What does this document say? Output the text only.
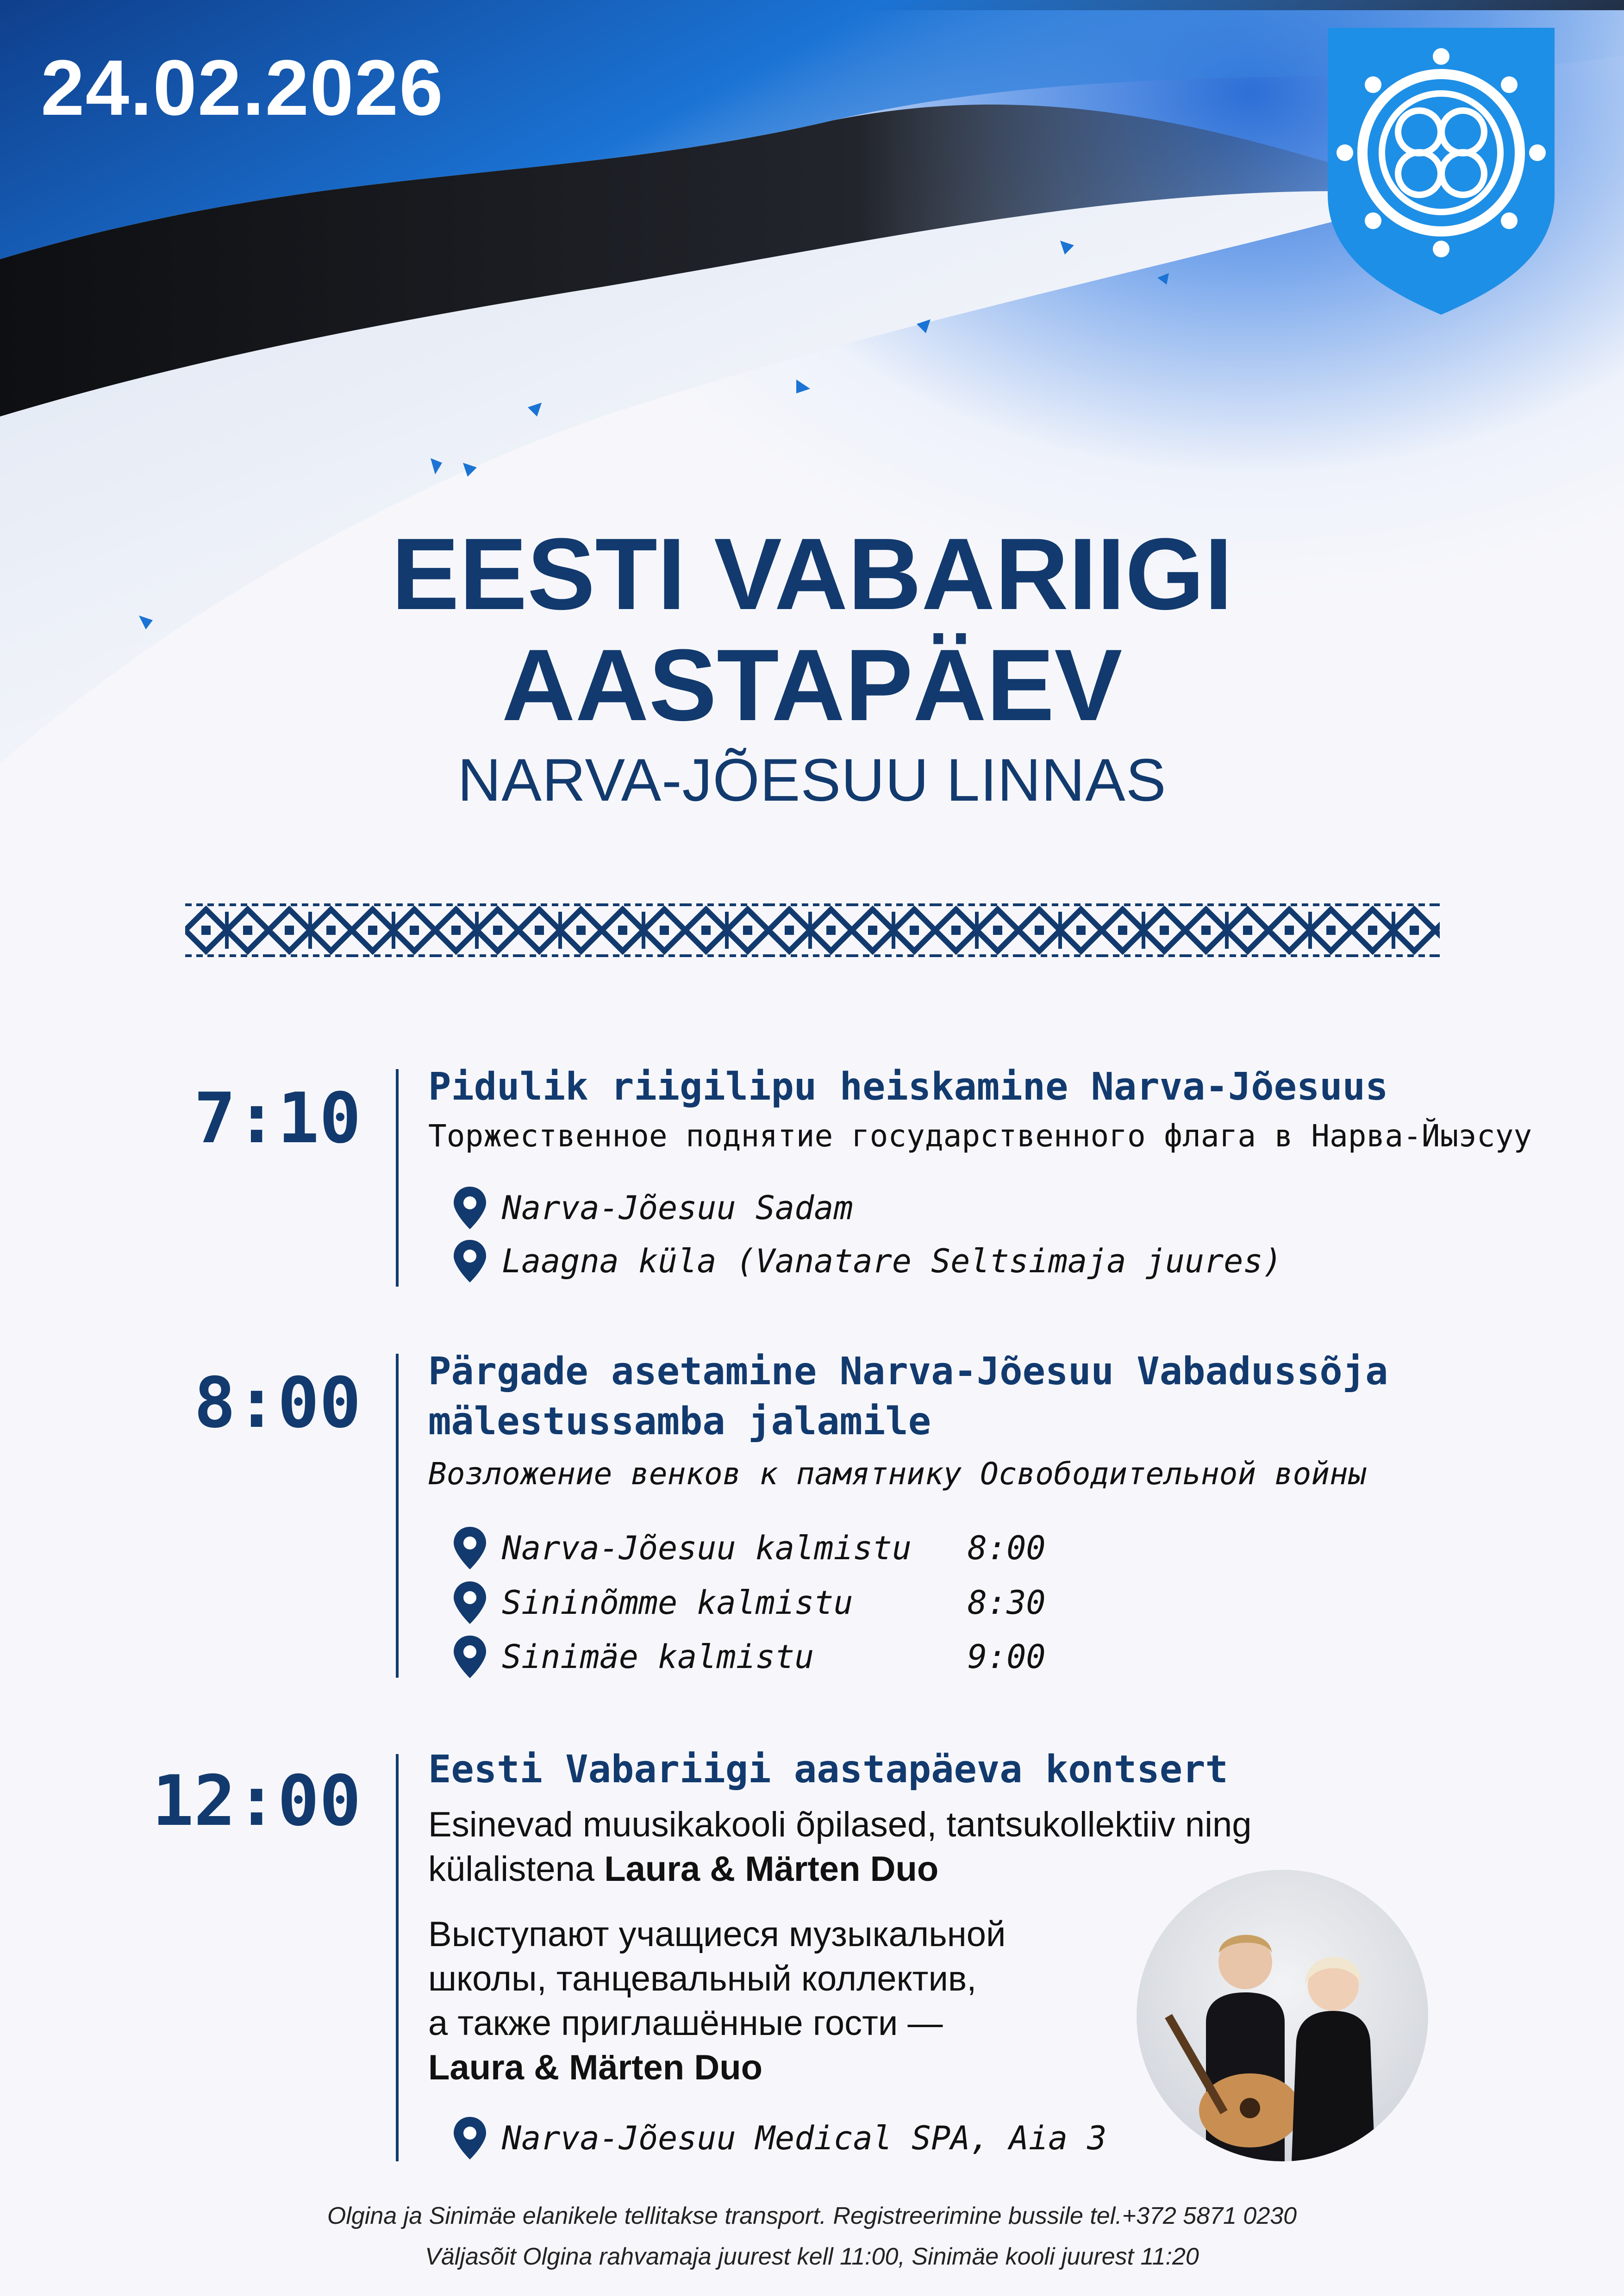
24.02.2026
EESTI VABARIIGI
AASTAPÄEV
NARVA-JÕESUU LINNAS
7:10 Pidulik riigilipu heiskamine Narva-Jõesuus
Торжественное поднятие государственного флага в Нарва-Йыэсуу
Narva-Jõesuu Sadam
Laagna küla (Vanatare Seltsimaja juures)
8:00 Pärgade asetamine Narva-Jõesuu Vabadussõja
mälestussamba jalamile
Возложение венков к памятнику Освободительной войны
Narva-Jõesuu kalmistu 8:00
Sininõmme kalmistu	8:30
Sinimäe kalmistu	9:00
12:00 Eesti Vabariigi aastapäeva kontsert
Esinevad muusikakooli õpilased, tantsukollektiiv ning
külalistena Laura & Märten Duo
Выступают учащиеся музыкальной
школы, танцевальный коллектив,
а также приглашённые гости —
Laura & Märten Duo
Narva-Jõesuu Medical SPA, Aia 3
Olgina ja Sinimäe elanikele tellitakse transport. Registreerimine bussile tel.+372 5871 0230
Väljasõit Olgina rahvamaja juurest kell 11:00, Sinimäe kooli juurest 11:20
